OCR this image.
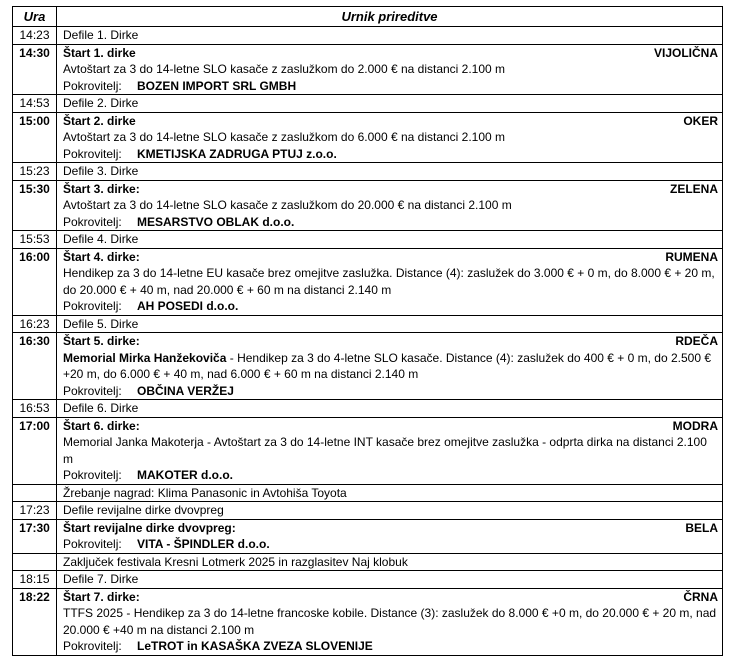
Ura	Urnik prireditve
14:23	Defile 1. Dirke
14:30	Štart 1. dirke VIJOLIČNA
Avtoštart za 3 do 14-letne SLO kasače z zaslužkom do 2.000 € na distanci 2.100 m
Pokrovitelj: BOZEN IMPORT SRL GMBH

14:53	Defile 2. Dirke
15:00	Štart 2. dirke OKER
Avtoštart za 3 do 14-letne SLO kasače z zaslužkom do 6.000 € na distanci 2.100 m
Pokrovitelj: KMETIJSKA ZADRUGA PTUJ z.o.o.

15:23	Defile 3. Dirke
15:30	Štart 3. dirke: ZELENA
Avtoštart za 3 do 14-letne SLO kasače z zaslužkom do 20.000 € na distanci 2.100 m
Pokrovitelj: MESARSTVO OBLAK d.o.o.

15:53	Defile 4. Dirke
16:00	Štart 4. dirke: RUMENA
Hendikep za 3 do 14-letne EU kasače brez omejitve zaslužka. Distance (4): zaslužek do 3.000 € + 0 m, do 8.000 € + 20 m, do 20.000 € + 40 m, nad 20.000 € + 60 m na distanci 2.140 m
Pokrovitelj: AH POSEDI d.o.o.

16:23	Defile 5. Dirke
16:30	Štart 5. dirke: RDEČA
Memorial Mirka Hanžekoviča - Hendikep za 3 do 4-letne SLO kasače. Distance (4): zaslužek do 400 € + 0 m, do 2.500 € +20 m, do 6.000 € + 40 m, nad 6.000 € + 60 m na distanci 2.140 m
Pokrovitelj: OBČINA VERŽEJ

16:53	Defile 6. Dirke
17:00	Štart 6. dirke: MODRA
Memorial Janka Makoterja - Avtoštart za 3 do 14-letne INT kasače brez omejitve zaslužka - odprta dirka na distanci 2.100 m
Pokrovitelj: MAKOTER d.o.o.

	Žrebanje nagrad: Klima Panasonic in Avtohiša Toyota
17:23	Defile revijalne dirke dvovpreg
17:30	Štart revijalne dirke dvovpreg: BELA
Pokrovitelj: VITA - ŠPINDLER d.o.o.

	Zaključek festivala Kresni Lotmerk 2025 in razglasitev Naj klobuk
18:15	Defile 7. Dirke
18:22	Štart 7. dirke: ČRNA
TTFS 2025 - Hendikep za 3 do 14-letne francoske kobile. Distance (3): zaslužek do 8.000 € +0 m, do 20.000 € + 20 m, nad 20.000 € +40 m na distanci 2.100 m
Pokrovitelj: LeTROT in KASAŠKA ZVEZA SLOVENIJE
